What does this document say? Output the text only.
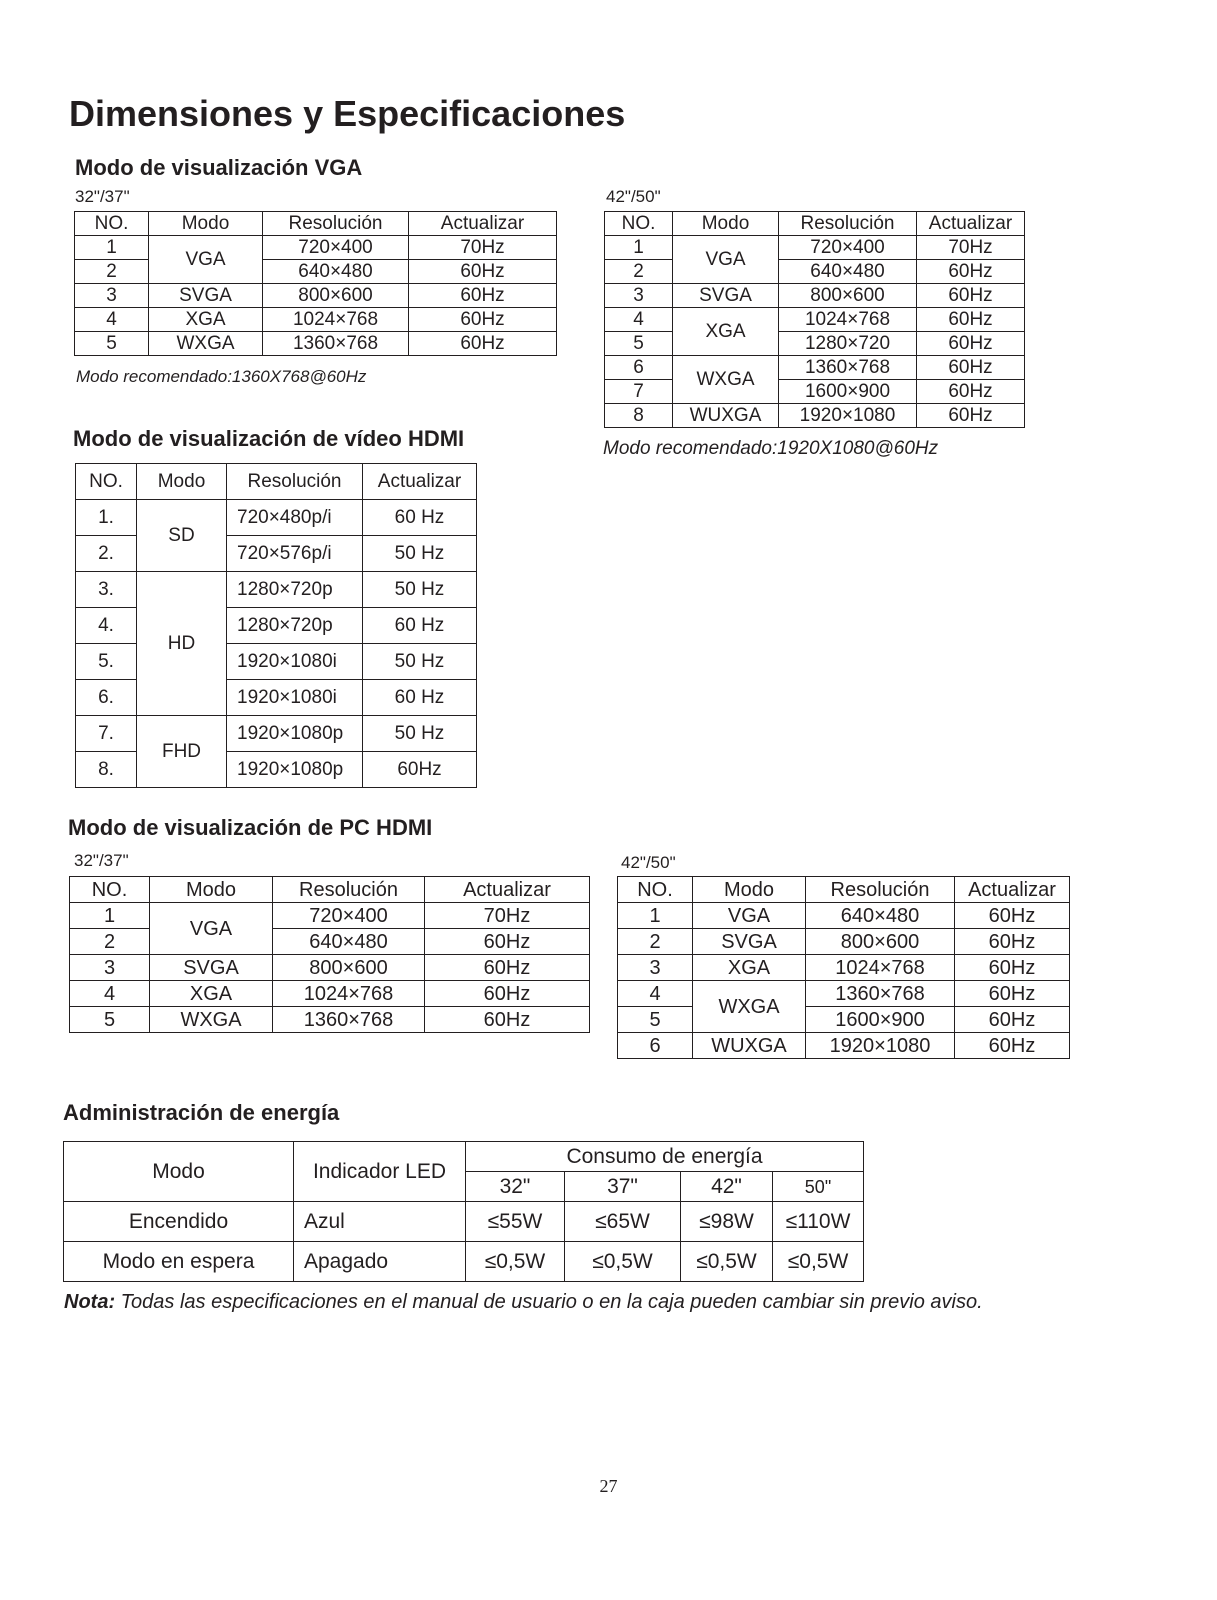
Dimensiones y Especificaciones
Modo de visualización VGA
32"/37"
NO.	Modo	Resolución	Actualizar
1	VGA	720×400	70Hz
2		640×480	60Hz
3	SVGA	800×600	60Hz
4	XGA	1024×768	60Hz
5	WXGA	1360×768	60Hz
Modo recomendado:1360X768@60Hz
42"/50"
NO.	Modo	Resolución	Actualizar
1	VGA	720×400	70Hz
2		640×480	60Hz
3	SVGA	800×600	60Hz
4	XGA	1024×768	60Hz
5		1280×720	60Hz
6	WXGA	1360×768	60Hz
7		1600×900	60Hz
8	WUXGA	1920×1080	60Hz
Modo recomendado:1920X1080@60Hz
Modo de visualización de vídeo HDMI
NO.	Modo	Resolución	Actualizar
1.	SD	720×480p/i	60 Hz
2.		720×576p/i	50 Hz
3.	HD	1280×720p	50 Hz
4.		1280×720p	60 Hz
5.		1920×1080i	50 Hz
6.		1920×1080i	60 Hz
7.	FHD	1920×1080p	50 Hz
8.		1920×1080p	60Hz
Modo de visualización de PC HDMI
32"/37"
NO.	Modo	Resolución	Actualizar
1	VGA	720×400	70Hz
2		640×480	60Hz
3	SVGA	800×600	60Hz
4	XGA	1024×768	60Hz
5	WXGA	1360×768	60Hz
42"/50"
NO.	Modo	Resolución	Actualizar
1	VGA	640×480	60Hz
2	SVGA	800×600	60Hz
3	XGA	1024×768	60Hz
4	WXGA	1360×768	60Hz
5		1600×900	60Hz
6	WUXGA	1920×1080	60Hz
Administración de energía
Modo	Indicador LED	Consumo de energía			
		32"	37"	42"	50"
Encendido	Azul	≤55W	≤65W	≤98W	≤110W
Modo en espera	Apagado	≤0,5W	≤0,5W	≤0,5W	≤0,5W
Nota: Todas las especificaciones en el manual de usuario o en la caja pueden cambiar sin previo aviso.
27
